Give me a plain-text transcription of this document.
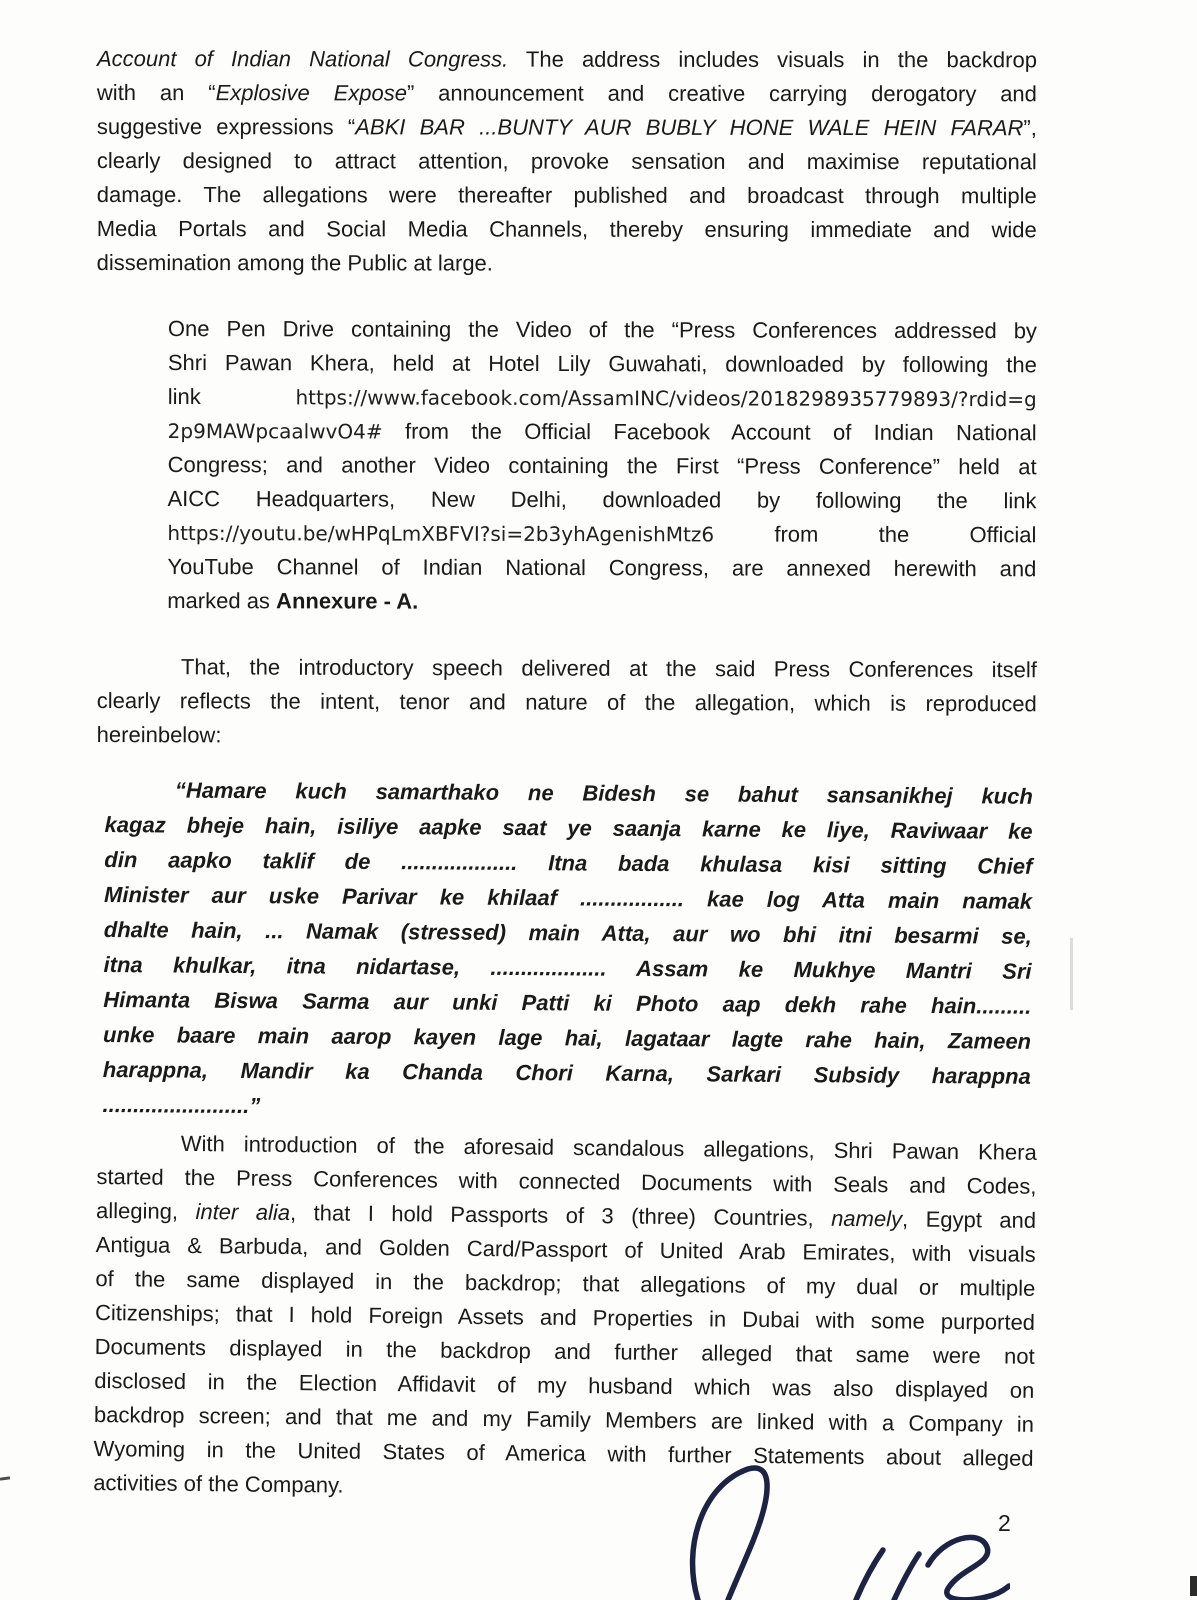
Account of Indian National Congress. The address includes visuals in the backdrop
with an “Explosive Expose” announcement and creative carrying derogatory and
suggestive expressions “ABKI BAR ...BUNTY AUR BUBLY HONE WALE HEIN FARAR”,
clearly designed to attract attention, provoke sensation and maximise reputational
damage. The allegations were thereafter published and broadcast through multiple
Media Portals and Social Media Channels, thereby ensuring immediate and wide
dissemination among the Public at large.
One Pen Drive containing the Video of the “Press Conferences addressed by
Shri Pawan Khera, held at Hotel Lily Guwahati, downloaded by following the
link https://www.facebook.com/AssamINC/videos/2018298935779893/?rdid=g
2p9MAWpcaalwvO4# from the Official Facebook Account of Indian National
Congress; and another Video containing the First “Press Conference” held at
AICC Headquarters, New Delhi, downloaded by following the link
https://youtu.be/wHPqLmXBFVI?si=2b3yhAgenishMtz6 from the Official
YouTube Channel of Indian National Congress, are annexed herewith and
marked as Annexure - A.
That, the introductory speech delivered at the said Press Conferences itself
clearly reflects the intent, tenor and nature of the allegation, which is reproduced
hereinbelow:
“Hamare kuch samarthako ne Bidesh se bahut sansanikhej kuch
kagaz bheje hain, isiliye aapke saat ye saanja karne ke liye, Raviwaar ke
din aapko taklif de ................... Itna bada khulasa kisi sitting Chief
Minister aur uske Parivar ke khilaaf ................. kae log Atta main namak
dhalte hain, ... Namak (stressed) main Atta, aur wo bhi itni besarmi se,
itna khulkar, itna nidartase, ................... Assam ke Mukhye Mantri Sri
Himanta Biswa Sarma aur unki Patti ki Photo aap dekh rahe hain.........
unke baare main aarop kayen lage hai, lagataar lagte rahe hain, Zameen
harappna, Mandir ka Chanda Chori Karna, Sarkari Subsidy harappna
........................”
With introduction of the aforesaid scandalous allegations, Shri Pawan Khera
started the Press Conferences with connected Documents with Seals and Codes,
alleging, inter alia, that I hold Passports of 3 (three) Countries, namely, Egypt and
Antigua & Barbuda, and Golden Card/Passport of United Arab Emirates, with visuals
of the same displayed in the backdrop; that allegations of my dual or multiple
Citizenships; that I hold Foreign Assets and Properties in Dubai with some purported
Documents displayed in the backdrop and further alleged that same were not
disclosed in the Election Affidavit of my husband which was also displayed on
backdrop screen; and that me and my Family Members are linked with a Company in
Wyoming in the United States of America with further Statements about alleged
activities of the Company.
2
